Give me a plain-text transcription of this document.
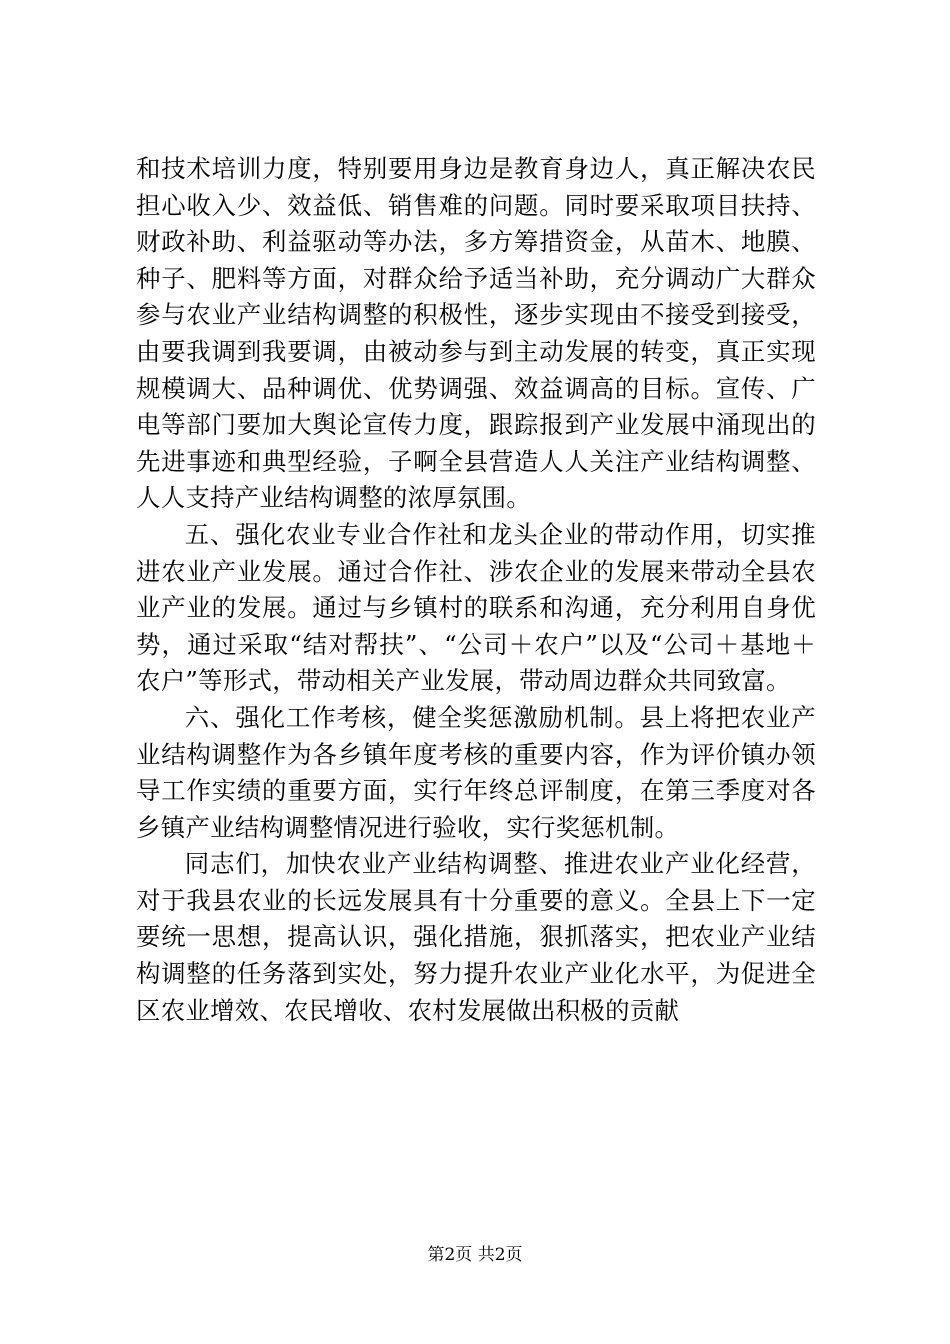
和技术培训力度，特别要用身边是教育身边人，真正解决农民担心收入少、效益低、销售难的问题。同时要采取项目扶持、财政补助、利益驱动等办法，多方筹措资金，从苗木、地膜、种子、肥料等方面，对群众给予适当补助，充分调动广大群众参与农业产业结构调整的积极性，逐步实现由不接受到接受，由要我调到我要调，由被动参与到主动发展的转变，真正实现规模调大、品种调优、优势调强、效益调高的目标。宣传、广电等部门要加大舆论宣传力度，跟踪报到产业发展中涌现出的先进事迹和典型经验，子啊全县营造人人关注产业结构调整、人人支持产业结构调整的浓厚氛围。

五、强化农业专业合作社和龙头企业的带动作用，切实推进农业产业发展。通过合作社、涉农企业的发展来带动全县农业产业的发展。通过与乡镇村的联系和沟通，充分利用自身优势，通过采取“结对帮扶”、“公司＋农户”以及“公司＋基地＋农户”等形式，带动相关产业发展，带动周边群众共同致富。

六、强化工作考核，健全奖惩激励机制。县上将把农业产业结构调整作为各乡镇年度考核的重要内容，作为评价镇办领导工作实绩的重要方面，实行年终总评制度，在第三季度对各乡镇产业结构调整情况进行验收，实行奖惩机制。

同志们，加快农业产业结构调整、推进农业产业化经营，对于我县农业的长远发展具有十分重要的意义。全县上下一定要统一思想，提高认识，强化措施，狠抓落实，把农业产业结构调整的任务落到实处，努力提升农业产业化水平，为促进全区农业增效、农民增收、农村发展做出积极的贡献

第2页 共2页
